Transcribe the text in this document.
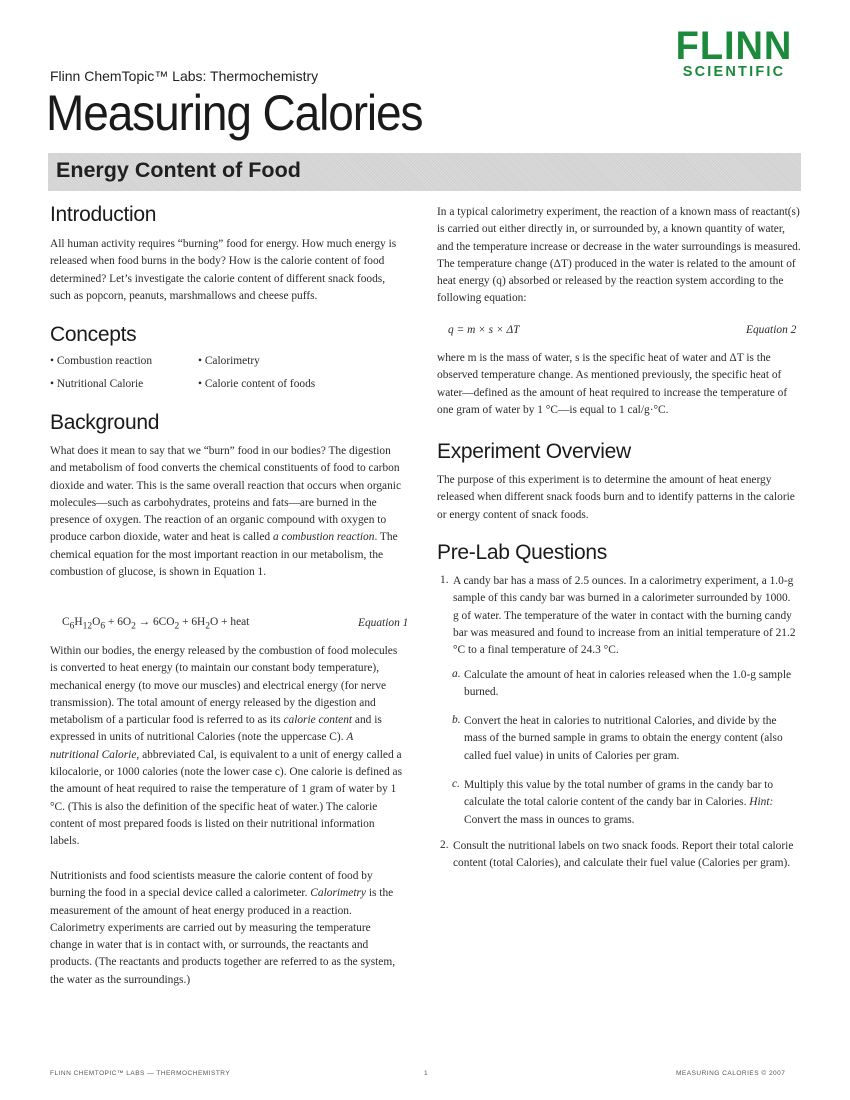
FLINN
SCIENTIFIC
Flinn ChemTopic™ Labs: Thermochemistry
Measuring Calories
Energy Content of Food
Introduction
All human activity requires “burning” food for energy. How much energy is released when food burns in the body? How is the calorie content of food determined? Let’s investigate the calorie content of different snack foods, such as popcorn, peanuts, marshmallows and cheese puffs.
Concepts
• Combustion reaction	• Calorimetry
• Nutritional Calorie	• Calorie content of foods
Background
What does it mean to say that we “burn” food in our bodies? The digestion and metabolism of food converts the chemical constituents of food to carbon dioxide and water. This is the same overall reaction that occurs when organic molecules—such as carbohydrates, proteins and fats—are burned in the presence of oxygen. The reaction of an organic compound with oxygen to produce carbon dioxide, water and heat is called a combustion reaction. The chemical equation for the most important reaction in our metabolism, the combustion of glucose, is shown in Equation 1.
$C_6H_{12}O_6 + 6O_2 \to 6CO_2 + 6H_2O$ + heat	Equation 1
Within our bodies, the energy released by the combustion of food molecules is converted to heat energy (to maintain our constant body temperature), mechanical energy (to move our muscles) and electrical energy (for nerve transmission). The total amount of energy released by the digestion and metabolism of a particular food is referred to as its calorie content and is expressed in units of nutritional Calories (note the uppercase C). A nutritional Calorie, abbreviated Cal, is equivalent to a unit of energy called a kilocalorie, or 1000 calories (note the lower case c). One calorie is defined as the amount of heat required to raise the temperature of 1 gram of water by 1 °C. (This is also the definition of the specific heat of water.) The calorie content of most prepared foods is listed on their nutritional information labels.
Nutritionists and food scientists measure the calorie content of food by burning the food in a special device called a calorimeter. Calorimetry is the measurement of the amount of heat energy produced in a reaction. Calorimetry experiments are carried out by measuring the temperature change in water that is in contact with, or surrounds, the reactants and products. (The reactants and products together are referred to as the system, the water as the surroundings.)
In a typical calorimetry experiment, the reaction of a known mass of reactant(s) is carried out either directly in, or surrounded by, a known quantity of water, and the temperature increase or decrease in the water surroundings is measured. The temperature change (ΔT) produced in the water is related to the amount of heat energy (q) absorbed or released by the reaction system according to the following equation:
q = m × s × ΔT	Equation 2
where m is the mass of water, s is the specific heat of water and ΔT is the observed temperature change. As mentioned previously, the specific heat of water—defined as the amount of heat required to increase the temperature of one gram of water by 1 °C—is equal to 1 cal/g·°C.
Experiment Overview
The purpose of this experiment is to determine the amount of heat energy released when different snack foods burn and to identify patterns in the calorie or energy content of snack foods.
Pre-Lab Questions
1. A candy bar has a mass of 2.5 ounces. In a calorimetry experiment, a 1.0-g sample of this candy bar was burned in a calorimeter surrounded by 1000. g of water. The temperature of the water in contact with the burning candy bar was measured and found to increase from an initial temperature of 21.2 °C to a final temperature of 24.3 °C.
a. Calculate the amount of heat in calories released when the 1.0-g sample burned.
b. Convert the heat in calories to nutritional Calories, and divide by the mass of the burned sample in grams to obtain the energy content (also called fuel value) in units of Calories per gram.
c. Multiply this value by the total number of grams in the candy bar to calculate the total calorie content of the candy bar in Calories. Hint: Convert the mass in ounces to grams.
2. Consult the nutritional labels on two snack foods. Report their total calorie content (total Calories), and calculate their fuel value (Calories per gram).
FLINN CHEMTOPIC™ LABS — THERMOCHEMISTRY	1	MEASURING CALORIES © 2007
